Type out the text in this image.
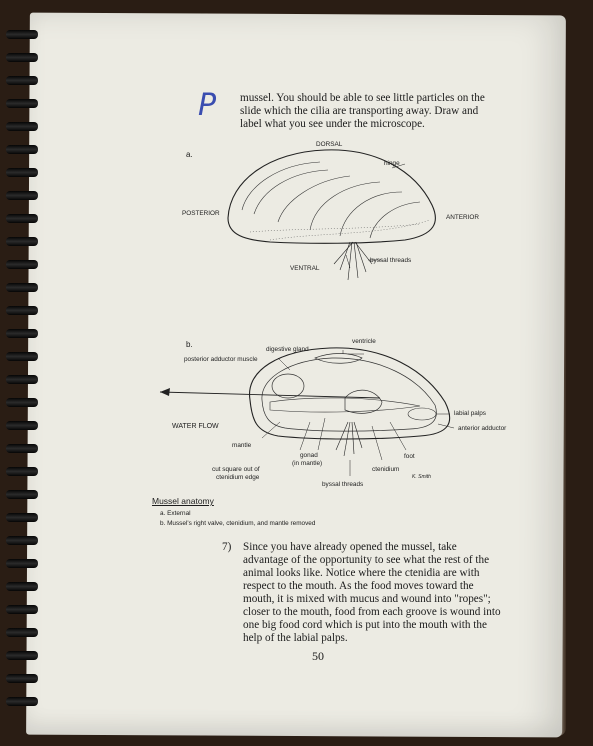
P mussel. You should be able to see little particles on the
slide which the cilia are transporting away. Draw and
label what you see under the microscope.
a.
DORSAL
hinge
POSTERIOR
ANTERIOR
VENTRAL
byssal threads
b.	ventricle
digestive gland
posterior adductor muscle
WATER FLOW
labial palps
anterior adductor
mantle
gonad
(in mantle)
foot
ctenidium
cut square out of
ctenidium edge
byssal threads
K. Smith
Mussel anatomy
a. External
b. Mussel's right valve, ctenidium, and mantle removed
7) Since you have already opened the mussel, take
advantage of the opportunity to see what the rest of the
animal looks like. Notice where the ctenidia are with
respect to the mouth. As the food moves toward the
mouth, it is mixed with mucus and wound into "ropes";
closer to the mouth, food from each groove is wound into
one big food cord which is put into the mouth with the
help of the labial palps.
50
